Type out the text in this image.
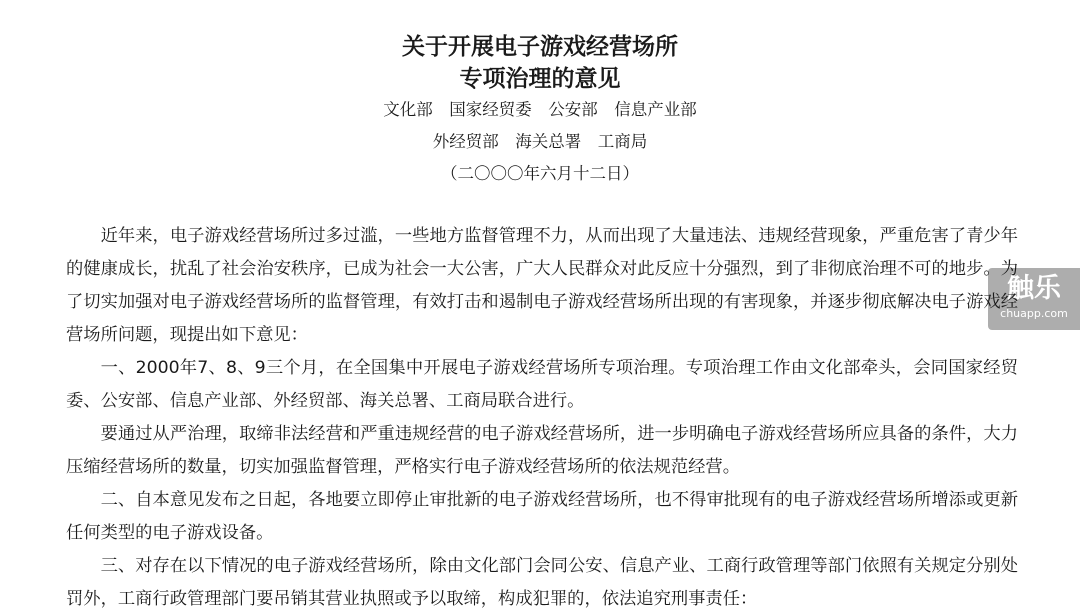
关于开展电子游戏经营场所
专项治理的意见
文化部　国家经贸委　公安部　信息产业部
外经贸部　海关总署　工商局
（二〇〇〇年六月十二日）
触乐
chuapp.com

近年来，电子游戏经营场所过多过滥，一些地方监督管理不力，从而出现了大量违法、违规经营现象，严重危害了青少年的健康成长，扰乱了社会治安秩序，已成为社会一大公害，广大人民群众对此反应十分强烈，到了非彻底治理不可的地步。为了切实加强对电子游戏经营场所的监督管理，有效打击和遏制电子游戏经营场所出现的有害现象，并逐步彻底解决电子游戏经营场所问题，现提出如下意见：

一、2000年7、8、9三个月，在全国集中开展电子游戏经营场所专项治理。专项治理工作由文化部牵头，会同国家经贸委、公安部、信息产业部、外经贸部、海关总署、工商局联合进行。

要通过从严治理，取缔非法经营和严重违规经营的电子游戏经营场所，进一步明确电子游戏经营场所应具备的条件，大力压缩经营场所的数量，切实加强监督管理，严格实行电子游戏经营场所的依法规范经营。

二、自本意见发布之日起，各地要立即停止审批新的电子游戏经营场所，也不得审批现有的电子游戏经营场所增添或更新任何类型的电子游戏设备。

三、对存在以下情况的电子游戏经营场所，除由文化部门会同公安、信息产业、工商行政管理等部门依照有关规定分别处罚外，工商行政管理部门要吊销其营业执照或予以取缔，构成犯罪的，依法追究刑事责任：
